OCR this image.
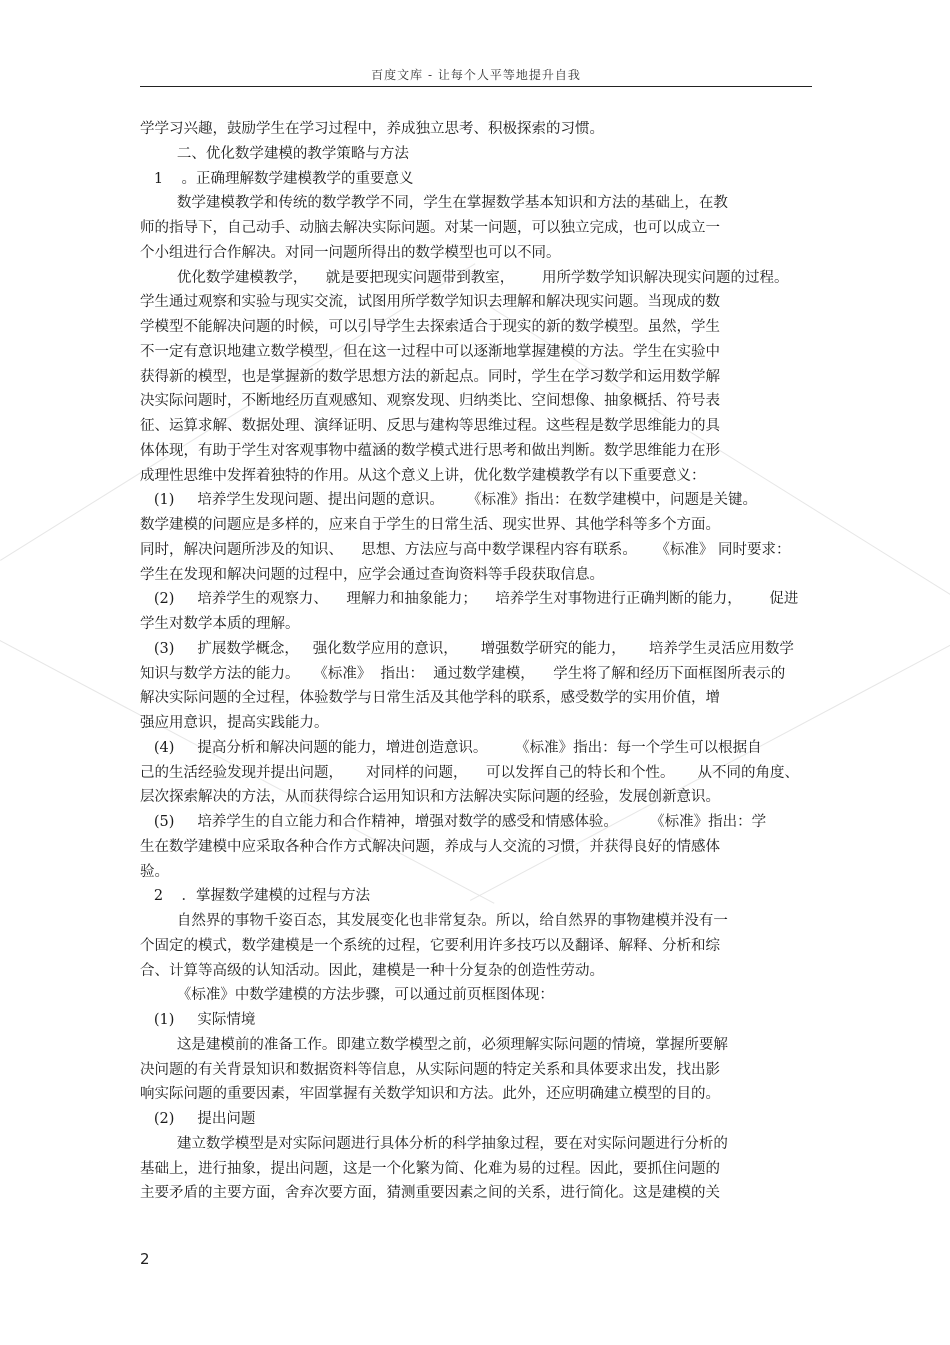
百度文库 - 让每个人平等地提升自我
学学习兴趣，鼓励学生在学习过程中，养成独立思考、积极探索的习惯。
二、优化数学建模的教学策略与方法
1    。正确理解数学建模教学的重要意义
数学建模教学和传统的数学教学不同，学生在掌握数学基本知识和方法的基础上，在教
师的指导下，自己动手、动脑去解决实际问题。对某一问题，可以独立完成，也可以成立一
个小组进行合作解决。对同一问题所得出的数学模型也可以不同。
优化数学建模教学，    就是要把现实问题带到教室，      用所学数学知识解决现实问题的过程。
学生通过观察和实验与现实交流，试图用所学数学知识去理解和解决现实问题。当现成的数
学模型不能解决问题的时候，可以引导学生去探索适合于现实的新的数学模型。虽然，学生
不一定有意识地建立数学模型，但在这一过程中可以逐渐地掌握建模的方法。学生在实验中
获得新的模型，也是掌握新的数学思想方法的新起点。同时，学生在学习数学和运用数学解
决实际问题时，不断地经历直观感知、观察发现、归纳类比、空间想像、抽象概括、符号表
征、运算求解、数据处理、演绎证明、反思与建构等思维过程。这些程是数学思维能力的具
体体现，有助于学生对客观事物中蕴涵的数学模式进行思考和做出判断。数学思维能力在形
成理性思维中发挥着独特的作用。从这个意义上讲，优化数学建模教学有以下重要意义：
(1)     培养学生发现问题、提出问题的意识。     《标准》指出：在数学建模中，问题是关键。
数学建模的问题应是多样的，应来自于学生的日常生活、现实世界、其他学科等多个方面。
同时，解决问题所涉及的知识、    思想、方法应与高中数学课程内容有联系。    《标准》 同时要求：
学生在发现和解决问题的过程中，应学会通过查询资料等手段获取信息。
(2)     培养学生的观察力、    理解力和抽象能力；    培养学生对事物进行正确判断的能力，      促进
学生对数学本质的理解。
(3)     扩展数学概念，   强化数学应用的意识，     增强数学研究的能力，     培养学生灵活应用数学
知识与数学方法的能力。   《标准》  指出：  通过数学建模，    学生将了解和经历下面框图所表示的
解决实际问题的全过程，体验数学与日常生活及其他学科的联系，感受数学的实用价值，增
强应用意识，提高实践能力。
(4)     提高分析和解决问题的能力，增进创造意识。      《标准》指出：每一个学生可以根据自
己的生活经验发现并提出问题，     对同样的问题，    可以发挥自己的特长和个性。     从不同的角度、
层次探索解决的方法，从而获得综合运用知识和方法解决实际问题的经验，发展创新意识。
(5)     培养学生的自立能力和合作精神，增强对数学的感受和情感体验。       《标准》指出：学
生在数学建模中应采取各种合作方式解决问题，养成与人交流的习惯，并获得良好的情感体
验。
2    ．掌握数学建模的过程与方法
自然界的事物千姿百态，其发展变化也非常复杂。所以，给自然界的事物建模并没有一
个固定的模式，数学建模是一个系统的过程，它要利用许多技巧以及翻译、解释、分析和综
合、计算等高级的认知活动。因此，建模是一种十分复杂的创造性劳动。
《标准》中数学建模的方法步骤，可以通过前页框图体现：
(1)     实际情境
这是建模前的准备工作。即建立数学模型之前，必须理解实际问题的情境，掌握所要解
决问题的有关背景知识和数据资料等信息，从实际问题的特定关系和具体要求出发，找出影
响实际问题的重要因素，牢固掌握有关数学知识和方法。此外，还应明确建立模型的目的。
(2)     提出问题
建立数学模型是对实际问题进行具体分析的科学抽象过程，要在对实际问题进行分析的
基础上，进行抽象，提出问题，这是一个化繁为简、化难为易的过程。因此，要抓住问题的
主要矛盾的主要方面，舍弃次要方面，猜测重要因素之间的关系，进行简化。这是建模的关
2
